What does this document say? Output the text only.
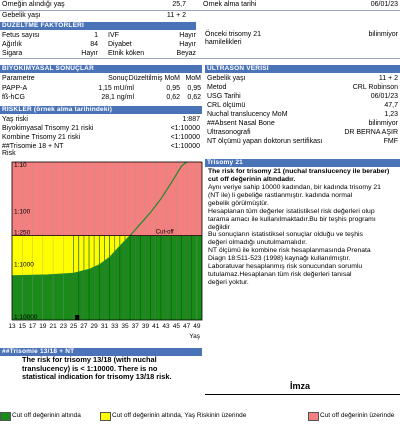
Örneğin alındığı yaş	25,7 Örnek alma tarihi	06/01/23
Gebelik yaşı	11 + 2
DÜZELTME FAKTÖRLERİ
Fetus sayısı	1 IVF	Hayır
Ağırlık	84 Diyabet	Hayır
Sigara	Hayır Etnik köken	Beyaz
Önceki trisomy 21
hamilelikleri
bilinmiyor
BİYOKİMYASAL SONUÇLAR
Parametre	Sonuç Düzeltilmiş MoM MoM
PAPP-A	1,15 mU/ml	0,95	0,95
fß-hCG	28,1 ng/ml	0,62	0,62
RİSKLER (örnek alma tarihindeki)
Yaş riski	1:887
Biyokimyasal Trisomy 21 riski	<1:10000
Kombine Trisomy 21 riski	<1:10000
##Trisomie 18 + NT	<1:10000
ULTRASON VERİSİ
Gebelik yaşı	11 + 2
Metod	CRL Robinson
USG Tarihi	06/01/23
CRL ölçümü	47,7
Nuchal translucency MoM	1,23
##Absent Nasal Bone	bilinmiyor
Ultrasonografi	DR BERNA AŞIR
NT ölçümü yapan doktorun sertifikası	FMF
Risk
Cut-off
1:10
1:100
1:250
1:1000
1:10000
13 15 17 19 21 23 25 27 29 31 33 35 37 39 41 43 45 47 49
Yaş
Trisomy 21
The risk for trisomy 21 (nuchal translucency ile beraber) cut off değerinin altındadır.
Aynı veriye sahip 10000 kadından, bir kadında trisomy 21
(NT ile) li gebeliğe rastlanmıştır. kadında normal
gebelik görülmüştür.
Hesaplanan tüm değerler istatistiksel risk değerleri olup
tarama amacı ile kullanılmaktadır.Bu bir teşhis programı
değildir
Bu sonuçların istatistiksel sonuçlar olduğu ve teşhis
değeri olmadığı unutulmamalıdır.
NT ölçümü ile kombine risk hesaplanmasında Prenata
Diagn 18:511-523 (1998) kaynağı kullanılmıştır.
Laboratuvar hesaplanmış risk sonucundan sorumlu
tutulamaz.Hesaplanan tüm risk değerleri tanısal
değeri yoktur.
##Trisomie 13/18 + NT
The risk for trisomy 13/18 (with nuchal translucency) is < 1:10000. There is no statistical indication for trisomy 13/18 risk.
İmza
Cut off değerinin altında	Cut off değerinin altında, Yaş Riskinin üzerinde	Cut off değerinin üzerinde
